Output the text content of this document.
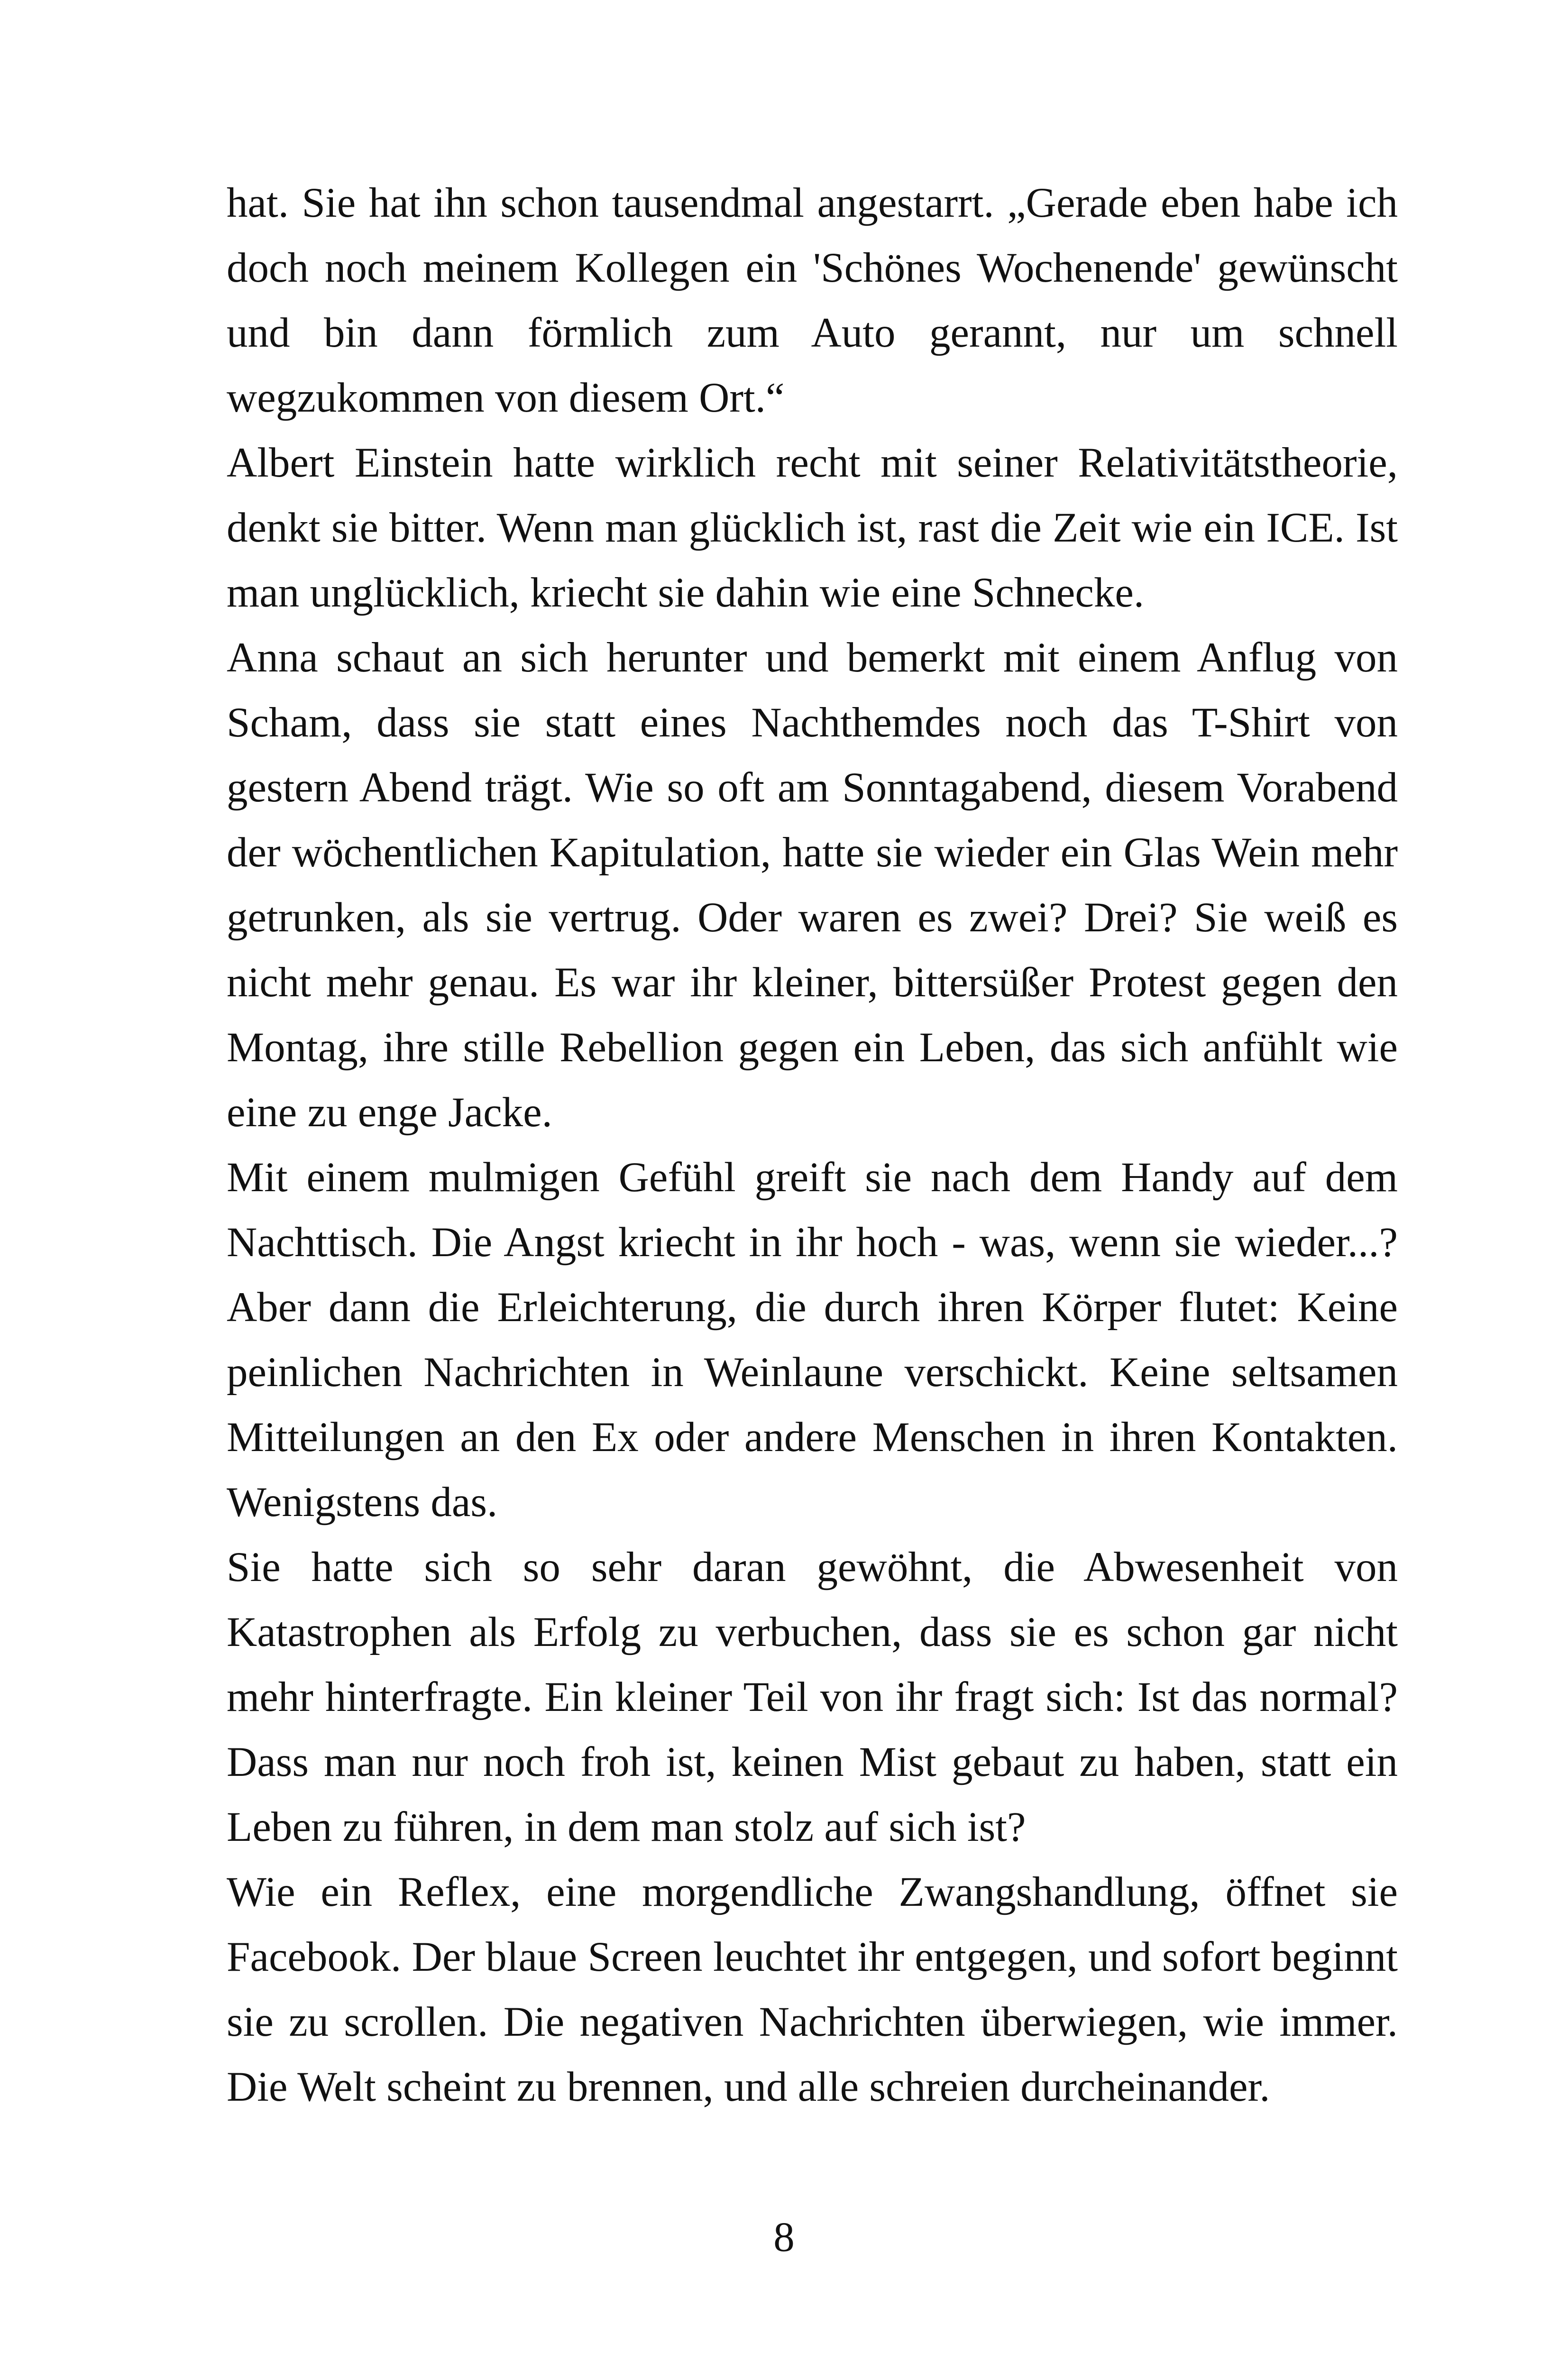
hat. Sie hat ihn schon tausendmal angestarrt. „Gerade eben habe ich doch noch meinem Kollegen ein 'Schönes Wochenende' gewünscht und bin dann förmlich zum Auto gerannt, nur um schnell wegzukommen von diesem Ort.“

Albert Einstein hatte wirklich recht mit seiner Relativitätstheorie, denkt sie bitter. Wenn man glücklich ist, rast die Zeit wie ein ICE. Ist man unglücklich, kriecht sie dahin wie eine Schnecke.

Anna schaut an sich herunter und bemerkt mit einem Anflug von Scham, dass sie statt eines Nachthemdes noch das T-Shirt von gestern Abend trägt. Wie so oft am Sonntagabend, diesem Vorabend der wöchentlichen Kapitulation, hatte sie wieder ein Glas Wein mehr getrunken, als sie vertrug. Oder waren es zwei? Drei? Sie weiß es nicht mehr genau. Es war ihr kleiner, bittersüßer Protest gegen den Montag, ihre stille Rebellion gegen ein Leben, das sich anfühlt wie eine zu enge Jacke.

Mit einem mulmigen Gefühl greift sie nach dem Handy auf dem Nachttisch. Die Angst kriecht in ihr hoch - was, wenn sie wieder...? Aber dann die Erleichterung, die durch ihren Körper flutet: Keine peinlichen Nachrichten in Weinlaune verschickt. Keine seltsamen Mitteilungen an den Ex oder andere Menschen in ihren Kontakten. Wenigstens das.

Sie hatte sich so sehr daran gewöhnt, die Abwesenheit von Katastrophen als Erfolg zu verbuchen, dass sie es schon gar nicht mehr hinterfragte. Ein kleiner Teil von ihr fragt sich: Ist das normal? Dass man nur noch froh ist, keinen Mist gebaut zu haben, statt ein Leben zu führen, in dem man stolz auf sich ist?

Wie ein Reflex, eine morgendliche Zwangshandlung, öffnet sie Facebook. Der blaue Screen leuchtet ihr entgegen, und sofort beginnt sie zu scrollen. Die negativen Nachrichten überwiegen, wie immer. Die Welt scheint zu brennen, und alle schreien durcheinander.

8
